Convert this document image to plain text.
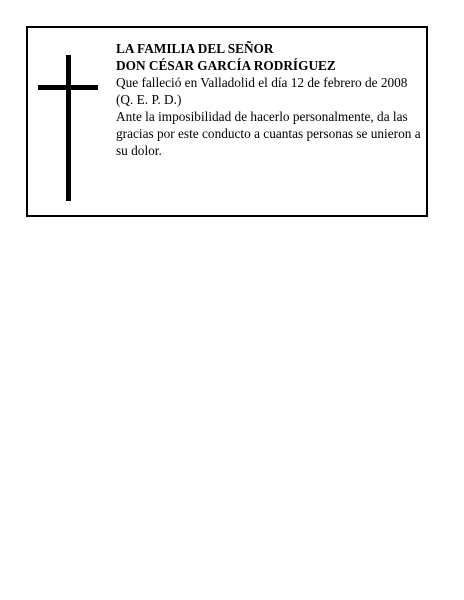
LA FAMILIA DEL SEÑOR
DON CÉSAR GARCÍA RODRÍGUEZ
Que falleció en Valladolid el día 12 de febrero de 2008
(Q. E. P. D.)
Ante la imposibilidad de hacerlo personalmente, da las gracias por este conducto a cuantas personas se unieron a su dolor.
